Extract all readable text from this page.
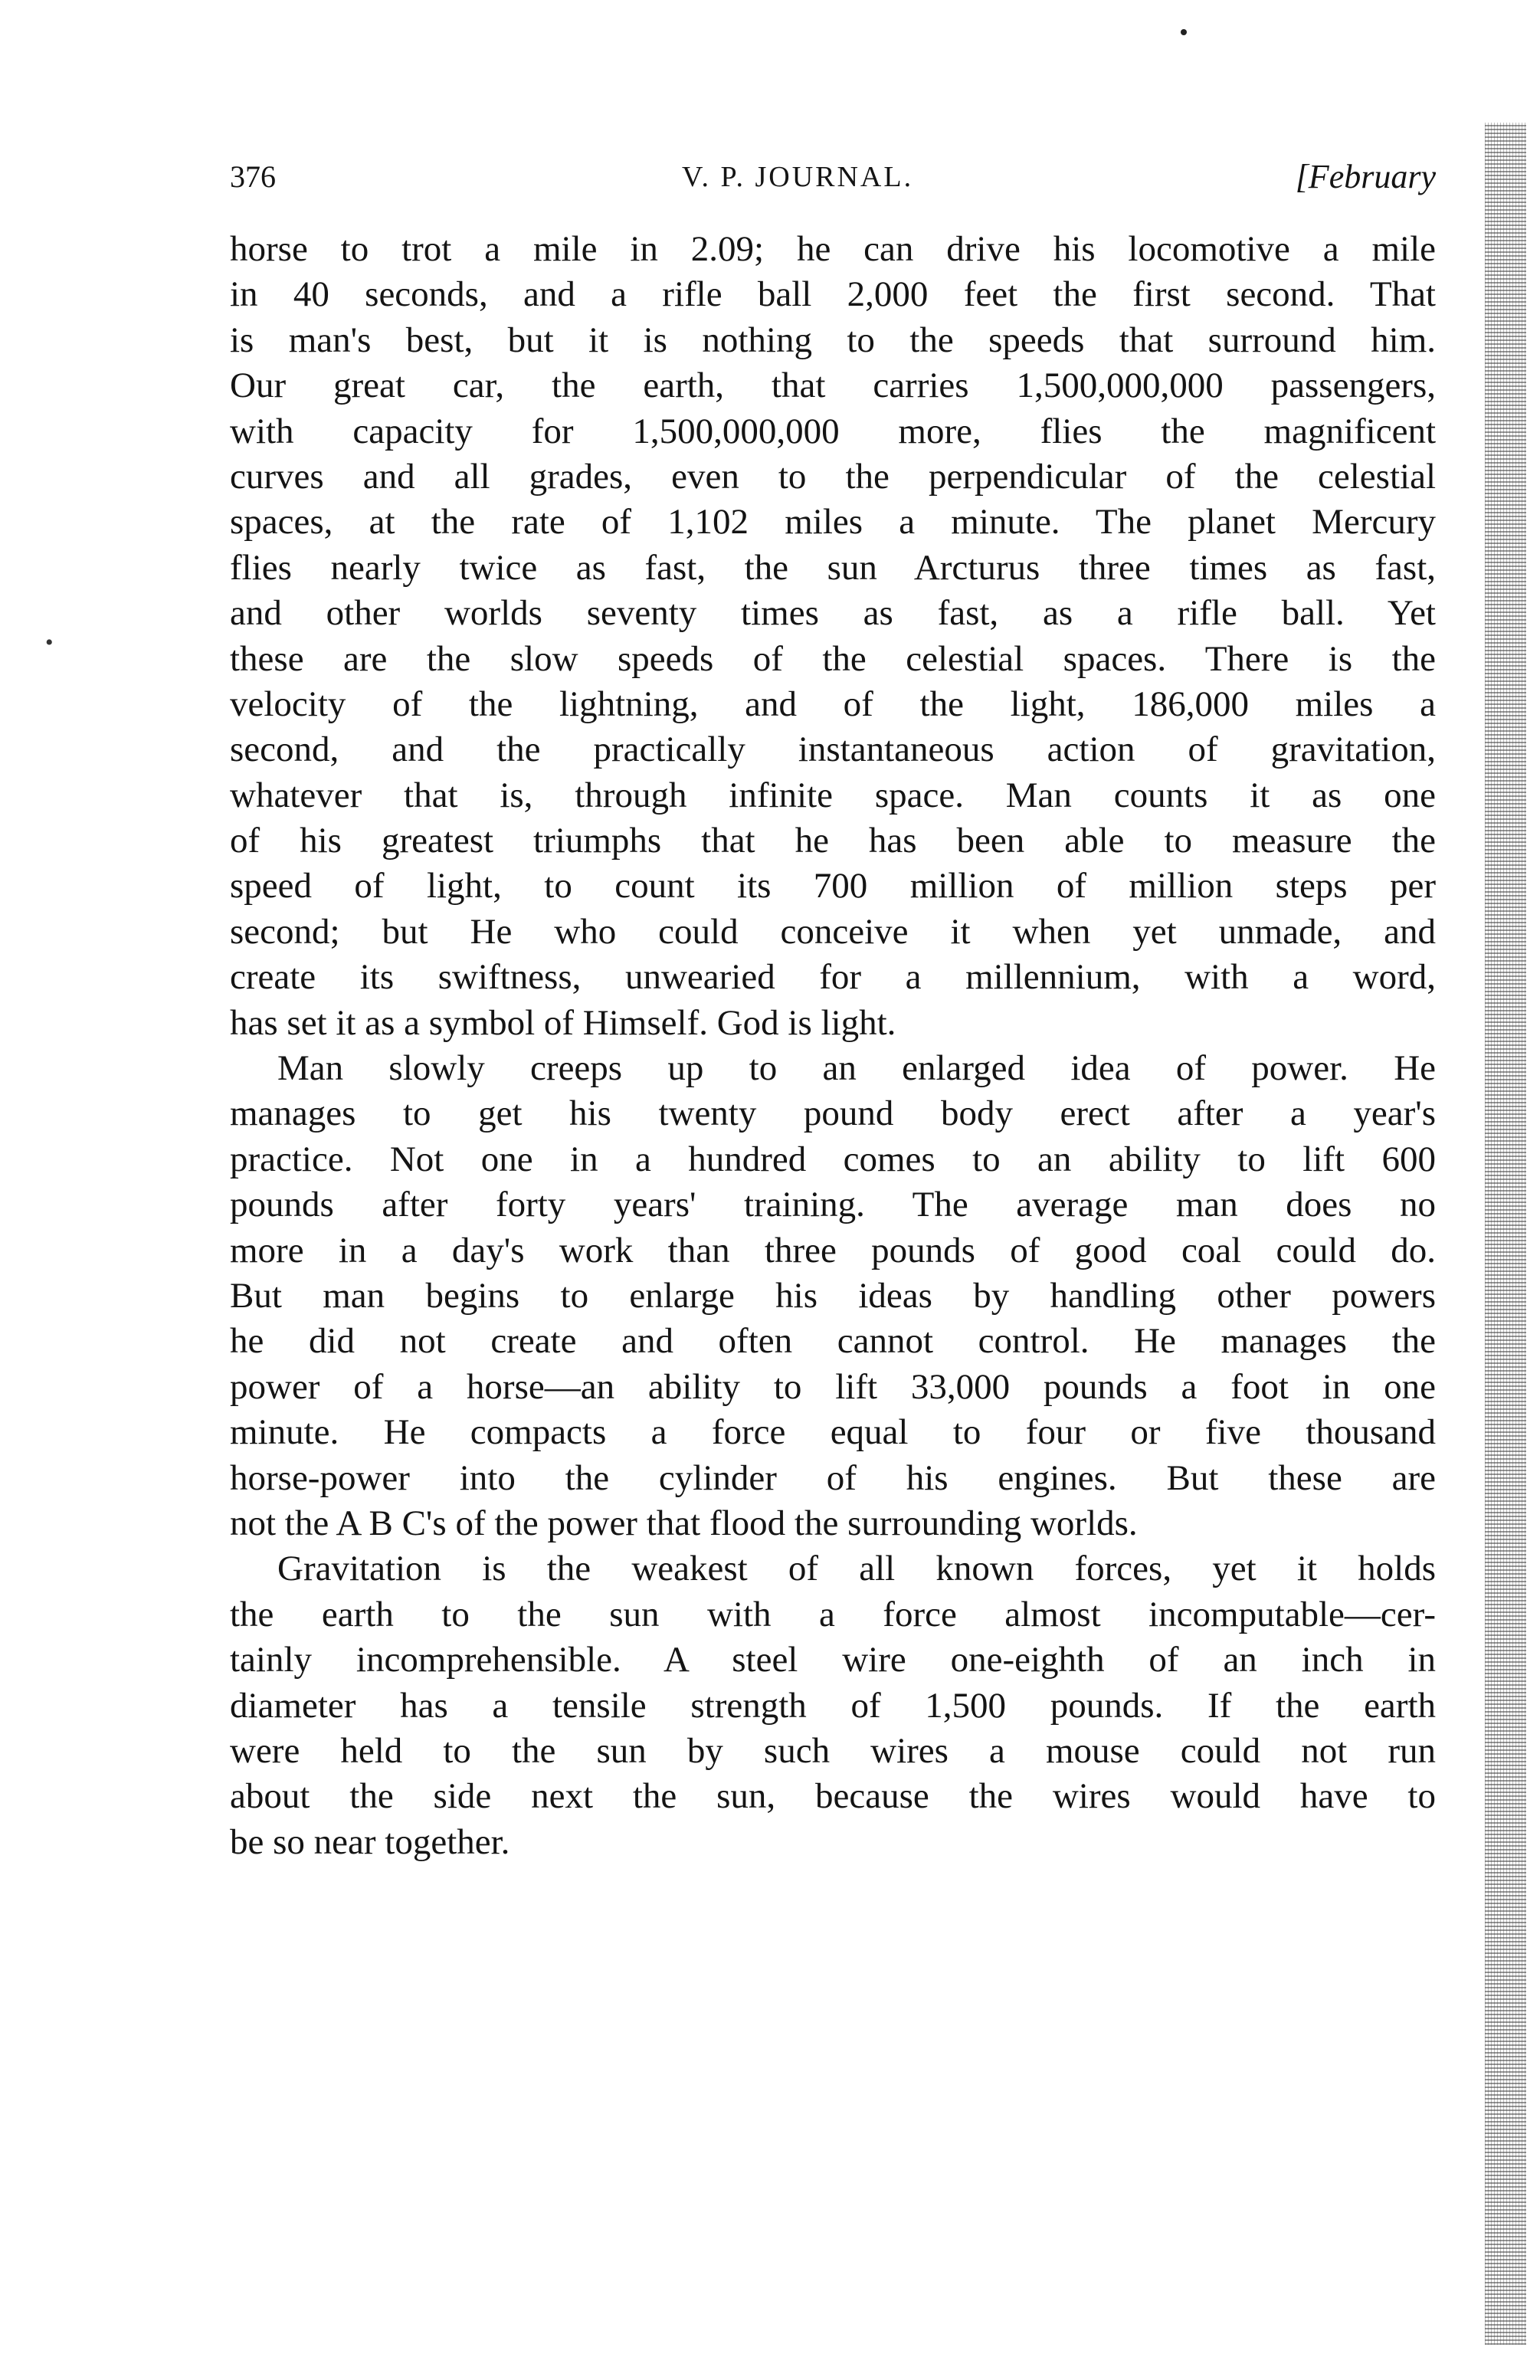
376	V. P. JOURNAL.	[February
•
horse to trot a mile in 2.09; he can drive his locomotive a mile
in 40 seconds, and a rifle ball 2,000 feet the first second. That
is man's best, but it is nothing to the speeds that surround him.
Our great car, the earth, that carries 1,500,000,000 passengers,
with capacity for 1,500,000,000 more, flies the magnificent
curves and all grades, even to the perpendicular of the celestial
spaces, at the rate of 1,102 miles a minute. The planet Mercury
flies nearly twice as fast, the sun Arcturus three times as fast,
and other worlds seventy times as fast, as a rifle ball. Yet
these are the slow speeds of the celestial spaces. There is the
velocity of the lightning, and of the light, 186,000 miles a
second, and the practically instantaneous action of gravitation,
whatever that is, through infinite space. Man counts it as one
of his greatest triumphs that he has been able to measure the
speed of light, to count its 700 million of million steps per
second; but He who could conceive it when yet unmade, and
create its swiftness, unwearied for a millennium, with a word,
has set it as a symbol of Himself. God is light.
Man slowly creeps up to an enlarged idea of power. He
manages to get his twenty pound body erect after a year's
practice. Not one in a hundred comes to an ability to lift 600
pounds after forty years' training. The average man does no
more in a day's work than three pounds of good coal could do.
But man begins to enlarge his ideas by handling other powers
he did not create and often cannot control. He manages the
power of a horse—an ability to lift 33,000 pounds a foot in one
minute. He compacts a force equal to four or five thousand
horse-power into the cylinder of his engines. But these are
not the A B C's of the power that flood the surrounding worlds.
Gravitation is the weakest of all known forces, yet it holds
the earth to the sun with a force almost incomputable—cer-
tainly incomprehensible. A steel wire one-eighth of an inch in
diameter has a tensile strength of 1,500 pounds. If the earth
were held to the sun by such wires a mouse could not run
about the side next the sun, because the wires would have to
be so near together.
